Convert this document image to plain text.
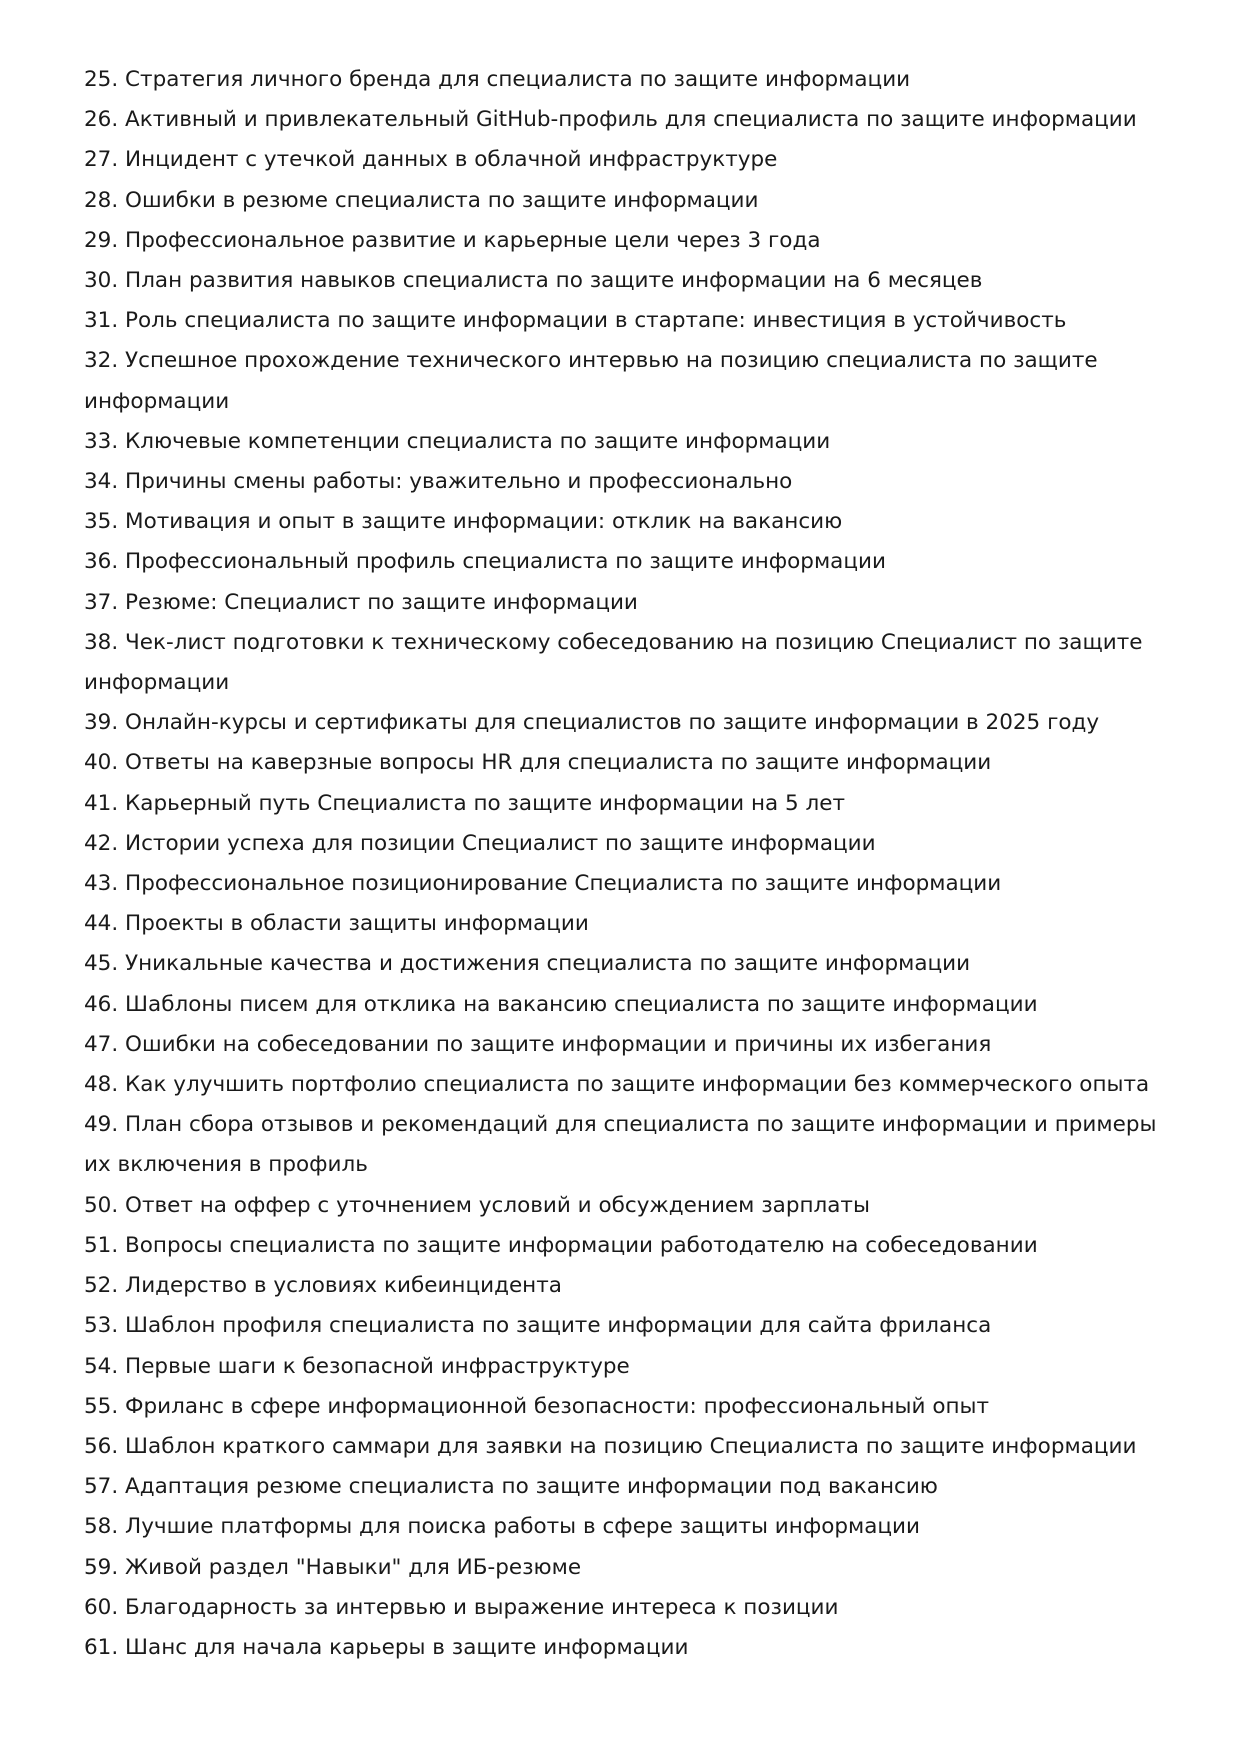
25. Стратегия личного бренда для специалиста по защите информации
26. Активный и привлекательный GitHub-профиль для специалиста по защите информации
27. Инцидент с утечкой данных в облачной инфраструктуре
28. Ошибки в резюме специалиста по защите информации
29. Профессиональное развитие и карьерные цели через 3 года
30. План развития навыков специалиста по защите информации на 6 месяцев
31. Роль специалиста по защите информации в стартапе: инвестиция в устойчивость
32. Успешное прохождение технического интервью на позицию специалиста по защите информации
33. Ключевые компетенции специалиста по защите информации
34. Причины смены работы: уважительно и профессионально
35. Мотивация и опыт в защите информации: отклик на вакансию
36. Профессиональный профиль специалиста по защите информации
37. Резюме: Специалист по защите информации
38. Чек-лист подготовки к техническому собеседованию на позицию Специалист по защите информации
39. Онлайн-курсы и сертификаты для специалистов по защите информации в 2025 году
40. Ответы на каверзные вопросы HR для специалиста по защите информации
41. Карьерный путь Специалиста по защите информации на 5 лет
42. Истории успеха для позиции Специалист по защите информации
43. Профессиональное позиционирование Специалиста по защите информации
44. Проекты в области защиты информации
45. Уникальные качества и достижения специалиста по защите информации
46. Шаблоны писем для отклика на вакансию специалиста по защите информации
47. Ошибки на собеседовании по защите информации и причины их избегания
48. Как улучшить портфолио специалиста по защите информации без коммерческого опыта
49. План сбора отзывов и рекомендаций для специалиста по защите информации и примеры их включения в профиль
50. Ответ на оффер с уточнением условий и обсуждением зарплаты
51. Вопросы специалиста по защите информации работодателю на собеседовании
52. Лидерство в условиях кибеинцидента
53. Шаблон профиля специалиста по защите информации для сайта фриланса
54. Первые шаги к безопасной инфраструктуре
55. Фриланс в сфере информационной безопасности: профессиональный опыт
56. Шаблон краткого саммари для заявки на позицию Специалиста по защите информации
57. Адаптация резюме специалиста по защите информации под вакансию
58. Лучшие платформы для поиска работы в сфере защиты информации
59. Живой раздел "Навыки" для ИБ-резюме
60. Благодарность за интервью и выражение интереса к позиции
61. Шанс для начала карьеры в защите информации
